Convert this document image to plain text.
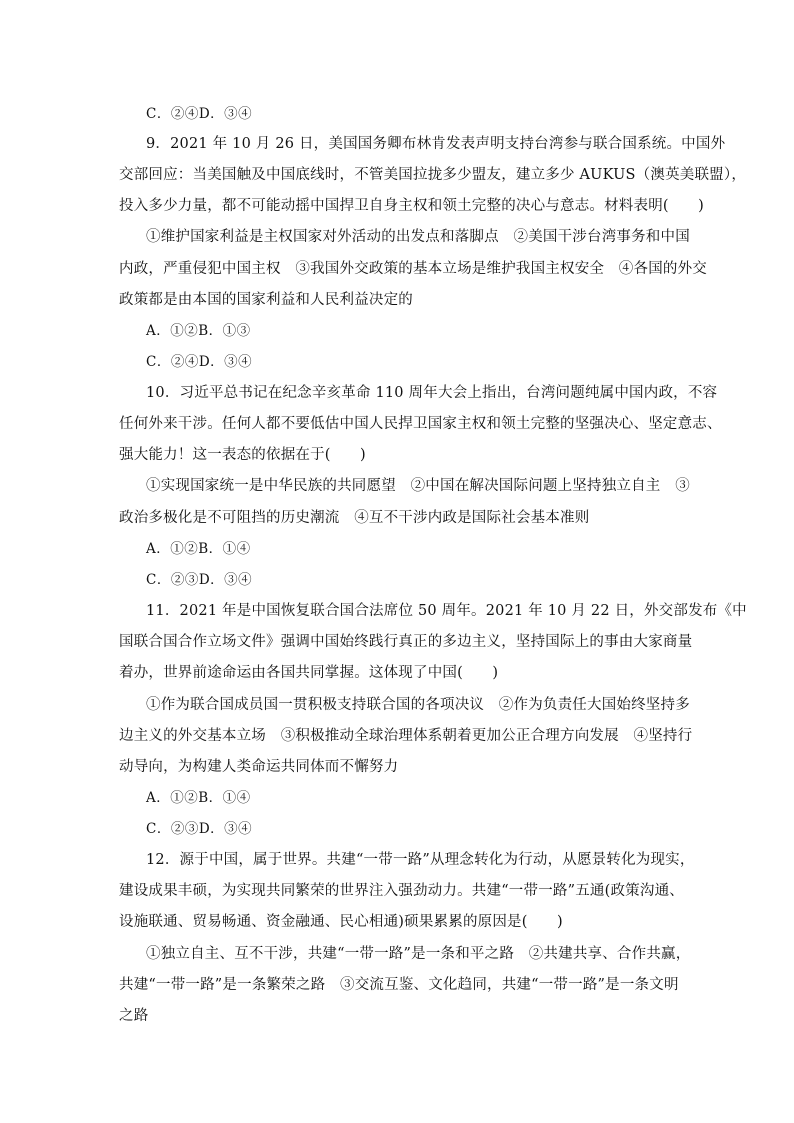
C．②④D．③④
9．2021 年 10 月 26 日，美国国务卿布林肯发表声明支持台湾参与联合国系统。中国外
交部回应：当美国触及中国底线时，不管美国拉拢多少盟友，建立多少 AUKUS（澳英美联盟），
投入多少力量，都不可能动摇中国捍卫自身主权和领土完整的决心与意志。材料表明(　　)
①维护国家利益是主权国家对外活动的出发点和落脚点　②美国干涉台湾事务和中国
内政，严重侵犯中国主权　③我国外交政策的基本立场是维护我国主权安全　④各国的外交
政策都是由本国的国家利益和人民利益决定的
A．①②B．①③
C．②④D．③④
10．习近平总书记在纪念辛亥革命 110 周年大会上指出，台湾问题纯属中国内政，不容
任何外来干涉。任何人都不要低估中国人民捍卫国家主权和领土完整的坚强决心、坚定意志、
强大能力！这一表态的依据在于(　　)
①实现国家统一是中华民族的共同愿望　②中国在解决国际问题上坚持独立自主　③
政治多极化是不可阻挡的历史潮流　④互不干涉内政是国际社会基本准则
A．①②B．①④
C．②③D．③④
11．2021 年是中国恢复联合国合法席位 50 周年。2021 年 10 月 22 日，外交部发布《中
国联合国合作立场文件》强调中国始终践行真正的多边主义，坚持国际上的事由大家商量
着办，世界前途命运由各国共同掌握。这体现了中国(　　)
①作为联合国成员国一贯积极支持联合国的各项决议　②作为负责任大国始终坚持多
边主义的外交基本立场　③积极推动全球治理体系朝着更加公正合理方向发展　④坚持行
动导向，为构建人类命运共同体而不懈努力
A．①②B．①④
C．②③D．③④
12．源于中国，属于世界。共建“一带一路”从理念转化为行动，从愿景转化为现实，
建设成果丰硕，为实现共同繁荣的世界注入强劲动力。共建“一带一路”五通(政策沟通、
设施联通、贸易畅通、资金融通、民心相通)硕果累累的原因是(　　)
①独立自主、互不干涉，共建“一带一路”是一条和平之路　②共建共享、合作共赢，
共建“一带一路”是一条繁荣之路　③交流互鉴、文化趋同，共建“一带一路”是一条文明
之路
